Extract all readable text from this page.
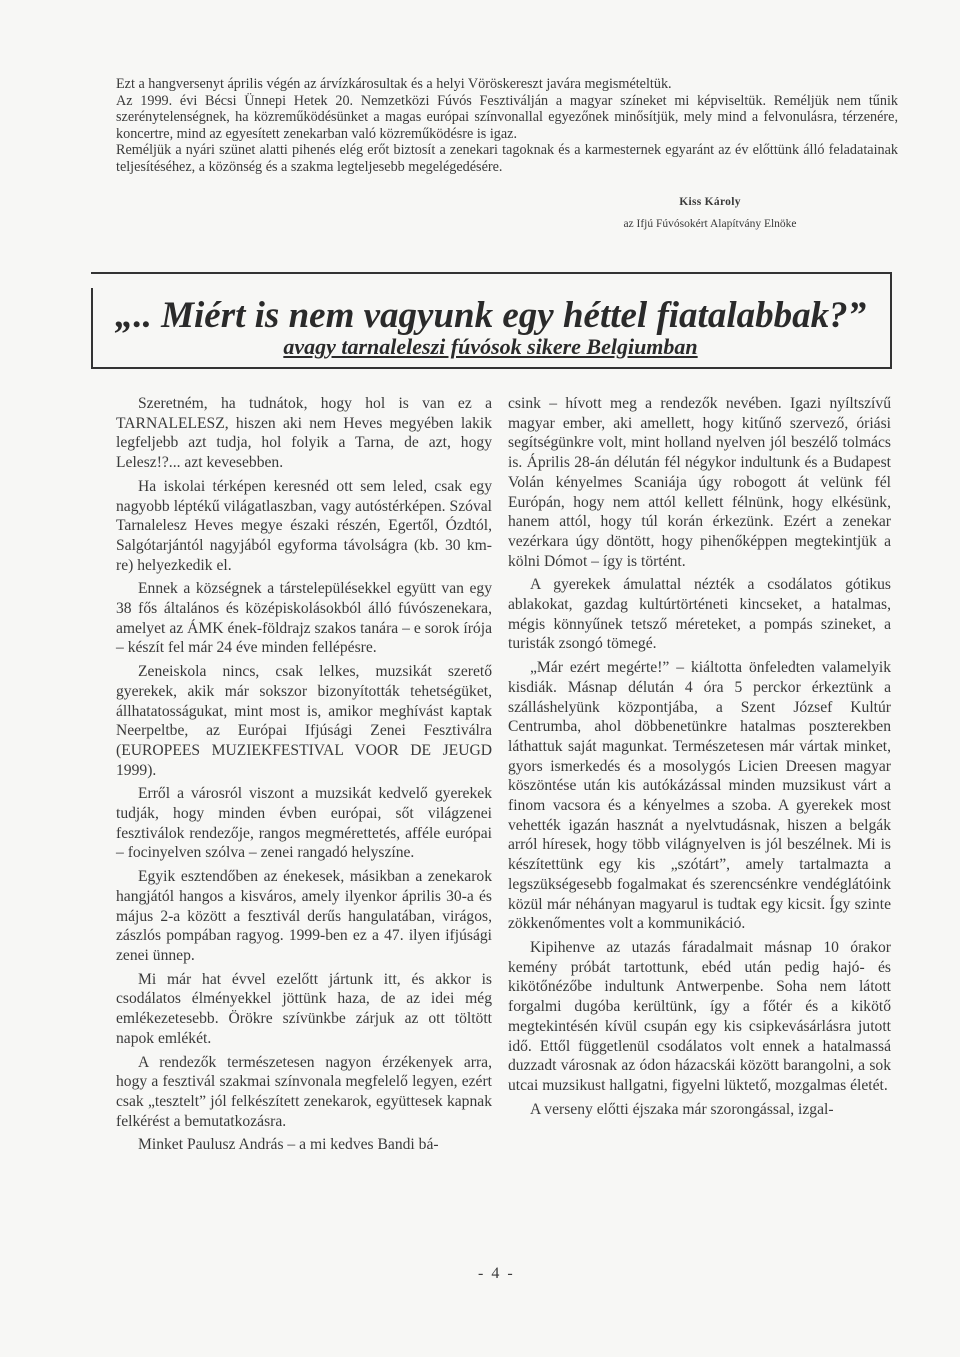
Ezt a hangversenyt április végén az árvízkárosultak és a helyi Vöröskereszt javára megismételtük.

Az 1999. évi Bécsi Ünnepi Hetek 20. Nemzetközi Fúvós Fesztiválján a magyar színeket mi képviseltük. Reméljük nem tűnik szerénytelenségnek, ha közreműködésünket a magas európai színvonallal egyezőnek minősítjük, mely mind a felvonulásra, térzenére, koncertre, mind az egyesített zenekarban való közreműködésre is igaz.

Reméljük a nyári szünet alatti pihenés elég erőt biztosít a zenekari tagoknak és a karmesternek egyaránt az év előttünk álló feladatainak teljesítéséhez, a közönség és a szakma legteljesebb megelégedésére.

Kiss Károly
az Ifjú Fúvósokért Alapítvány Elnöke
„.. Miért is nem vagyunk egy héttel fiatalabbak?”
avagy tarnaleleszi fúvósok sikere Belgiumban

Szeretném, ha tudnátok, hogy hol is van ez a TARNALELESZ, hiszen aki nem Heves megyében lakik legfeljebb azt tudja, hol folyik a Tarna, de azt, hogy Lelesz!?... azt kevesebben.

Ha iskolai térképen keresnéd ott sem leled, csak egy nagyobb léptékű világatlaszban, vagy autóstérképen. Szóval Tarnalelesz Heves megye északi részén, Egertől, Ózdtól, Salgótarjántól nagyjából egyforma távolságra (kb. 30 km-re) helyezkedik el.

Ennek a községnek a társtelepülésekkel együtt van egy 38 fős általános és középiskolásokból álló fúvószenekara, amelyet az ÁMK ének-földrajz szakos tanára – e sorok írója – készít fel már 24 éve minden fellépésre.

Zeneiskola nincs, csak lelkes, muzsikát szerető gyerekek, akik már sokszor bizonyították tehetségüket, állhatatosságukat, mint most is, amikor meghívást kaptak Neerpeltbe, az Európai Ifjúsági Zenei Fesztiválra (EUROPEES MUZIEKFESTIVAL VOOR DE JEUGD 1999).

Erről a városról viszont a muzsikát kedvelő gyerekek tudják, hogy minden évben európai, sőt világzenei fesztiválok rendezője, rangos megmérettetés, afféle európai – focinyelven szólva – zenei rangadó helyszíne.

Egyik esztendőben az énekesek, másikban a zenekarok hangjától hangos a kisváros, amely ilyenkor április 30-a és május 2-a között a fesztivál derűs hangulatában, virágos, zászlós pompában ragyog. 1999-ben ez a 47. ilyen ifjúsági zenei ünnep.

Mi már hat évvel ezelőtt jártunk itt, és akkor is csodálatos élményekkel jöttünk haza, de az idei még emlékezetesebb. Örökre szívünkbe zárjuk az ott töltött napok emlékét.

A rendezők természetesen nagyon érzékenyek arra, hogy a fesztivál szakmai színvonala megfelelő legyen, ezért csak „tesztelt” jól felkészített zenekarok, együttesek kapnak felkérést a bemutatkozásra.

Minket Paulusz András – a mi kedves Bandi bá-

csink – hívott meg a rendezők nevében. Igazi nyíltszívű magyar ember, aki amellett, hogy kitűnő szervező, óriási segítségünkre volt, mint holland nyelven jól beszélő tolmács is. Április 28-án délután fél négykor indultunk és a Budapest Volán kényelmes Scaniája úgy robogott át velünk fél Európán, hogy nem attól kellett félnünk, hogy elkésünk, hanem attól, hogy túl korán érkezünk. Ezért a zenekar vezérkara úgy döntött, hogy pihenőképpen megtekintjük a kölni Dómot – így is történt.

A gyerekek ámulattal nézték a csodálatos gótikus ablakokat, gazdag kultúrtörténeti kincseket, a hatalmas, mégis könnyűnek tetsző méreteket, a pompás szineket, a turisták zsongó tömegé.

„Már ezért megérte!” – kiáltotta önfeledten valamelyik kisdiák. Másnap délután 4 óra 5 perckor érkeztünk a szálláshelyünk központjába, a Szent József Kultúr Centrumba, ahol döbbenetünkre hatalmas poszterekben láthattuk saját magunkat. Természetesen már vártak minket, gyors ismerkedés és a mosolygós Licien Dreesen magyar köszöntése után kis autókázással minden muzsikust várt a finom vacsora és a kényelmes a szoba. A gyerekek most vehették igazán hasznát a nyelvtudásnak, hiszen a belgák arról híresek, hogy több világnyelven is jól beszélnek. Mi is készítettünk egy kis „szótárt”, amely tartalmazta a legszükségesebb fogalmakat és szerencsénkre vendéglátóink közül már néhányan magyarul is tudtak egy kicsit. Így szinte zökkenőmentes volt a kommunikáció.

Kipihenve az utazás fáradalmait másnap 10 órakor kemény próbát tartottunk, ebéd után pedig hajó- és kikötőnézőbe indultunk Antwerpenbe. Soha nem látott forgalmi dugóba kerültünk, így a főtér és a kikötő megtekintésén kívül csupán egy kis csipkevásárlásra jutott idő. Ettől függetlenül csodálatos volt ennek a hatalmassá duzzadt városnak az ódon házacskái között barangolni, a sok utcai muzsikust hallgatni, figyelni lüktető, mozgalmas életét.

A verseny előtti éjszaka már szorongással, izgal-

- 4 -
